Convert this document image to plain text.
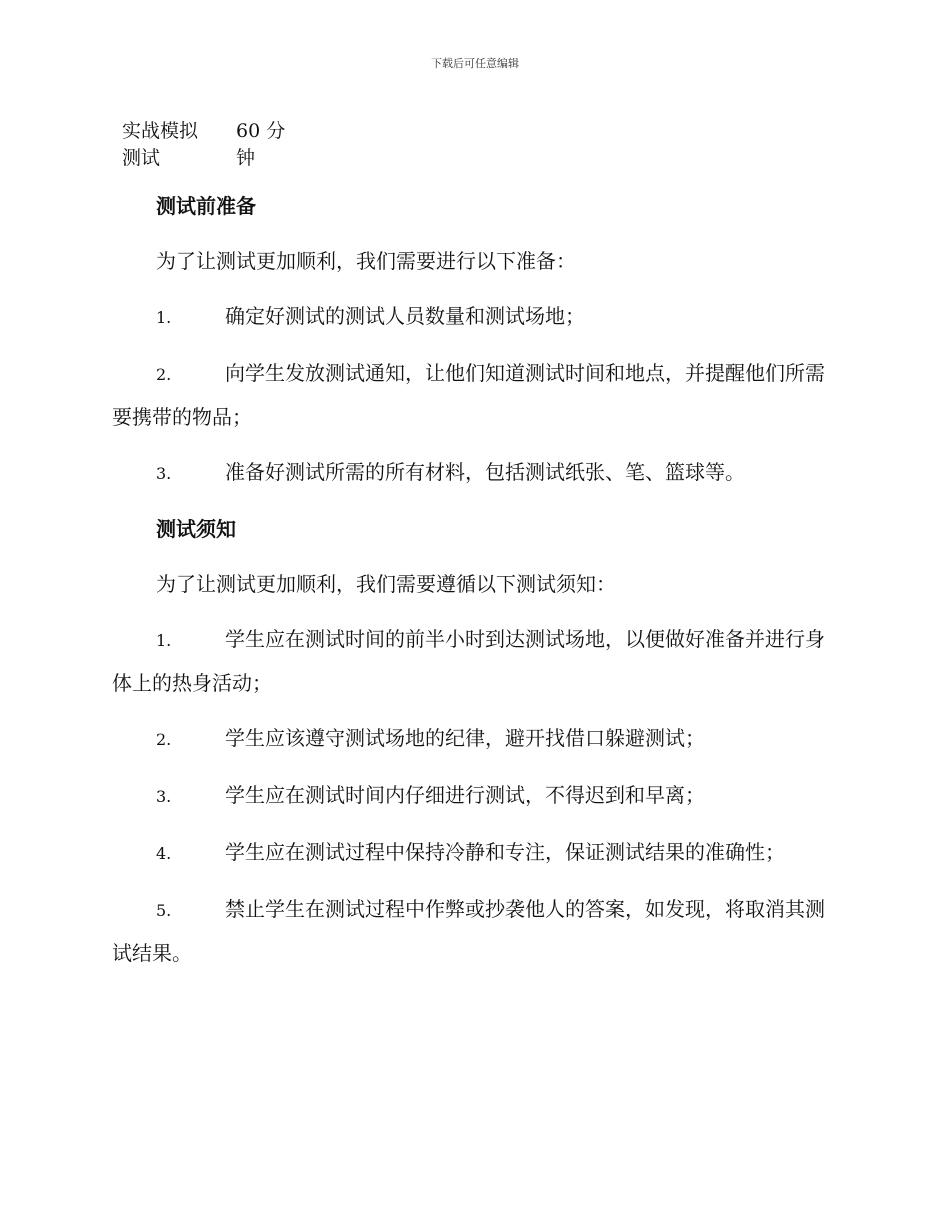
下载后可任意编辑
实战模拟
测试
60 分
钟
测试前准备
为了让测试更加顺利，我们需要进行以下准备：
1.	确定好测试的测试人员数量和测试场地；
2.	向学生发放测试通知，让他们知道测试时间和地点，并提醒他们所需要携带的物品；
3.	准备好测试所需的所有材料，包括测试纸张、笔、篮球等。
测试须知
为了让测试更加顺利，我们需要遵循以下测试须知：
1.	学生应在测试时间的前半小时到达测试场地，以便做好准备并进行身体上的热身活动；
2.	学生应该遵守测试场地的纪律，避开找借口躲避测试；
3.	学生应在测试时间内仔细进行测试，不得迟到和早离；
4.	学生应在测试过程中保持冷静和专注，保证测试结果的准确性；
5.	禁止学生在测试过程中作弊或抄袭他人的答案，如发现，将取消其测试结果。
